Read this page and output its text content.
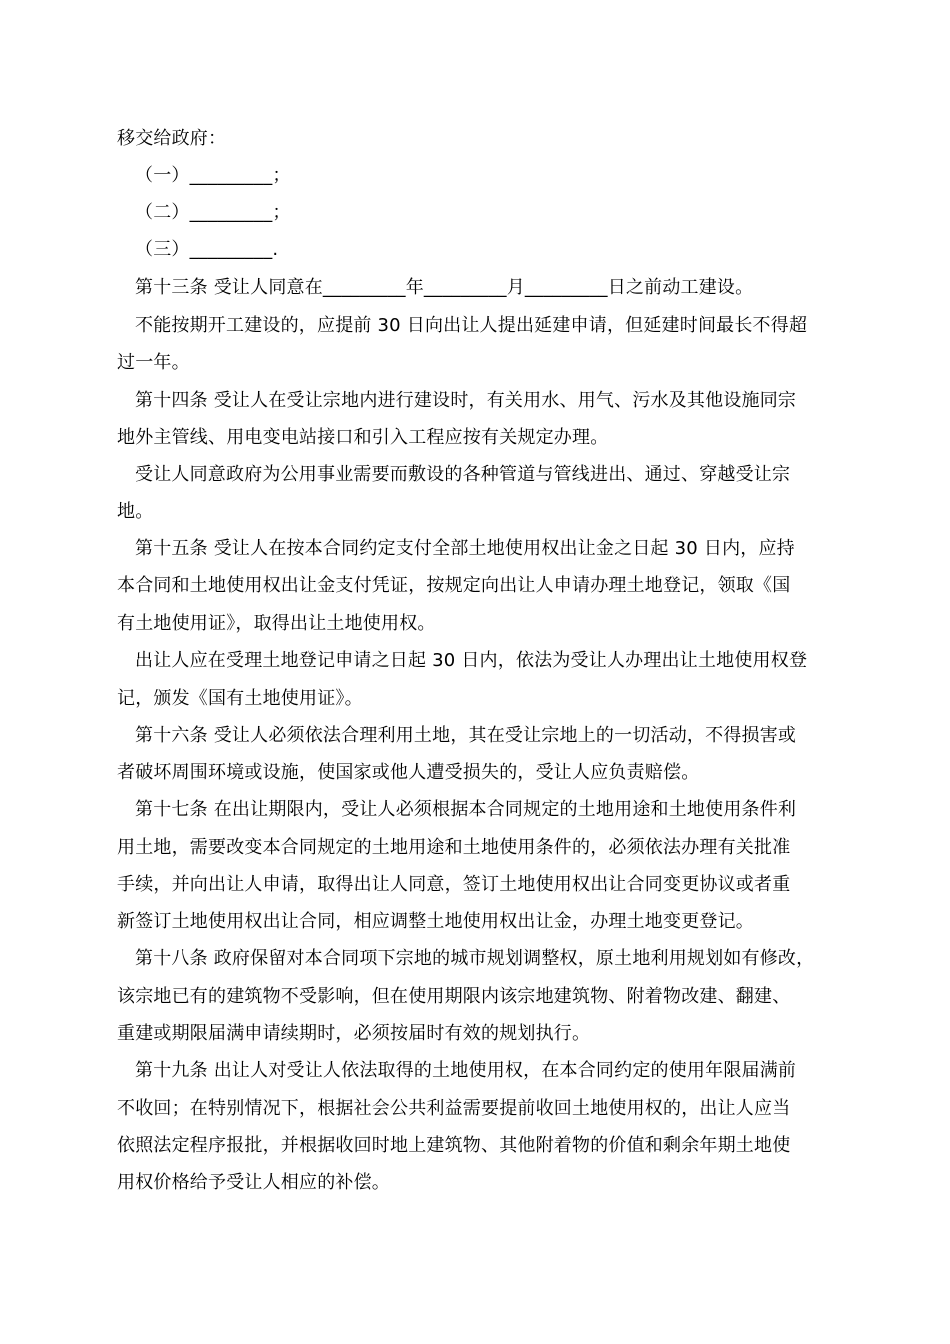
移交给政府：
（一）_________；
（二）_________；
（三）_________.
第十三条 受让人同意在_________年_________月_________日之前动工建设。
不能按期开工建设的，应提前 30 日向出让人提出延建申请，但延建时间最长不得超
过一年。
第十四条 受让人在受让宗地内进行建设时，有关用水、用气、污水及其他设施同宗
地外主管线、用电变电站接口和引入工程应按有关规定办理。
受让人同意政府为公用事业需要而敷设的各种管道与管线进出、通过、穿越受让宗
地。
第十五条 受让人在按本合同约定支付全部土地使用权出让金之日起 30 日内，应持
本合同和土地使用权出让金支付凭证，按规定向出让人申请办理土地登记，领取《国
有土地使用证》，取得出让土地使用权。
出让人应在受理土地登记申请之日起 30 日内，依法为受让人办理出让土地使用权登
记，颁发《国有土地使用证》。
第十六条 受让人必须依法合理利用土地，其在受让宗地上的一切活动，不得损害或
者破坏周围环境或设施，使国家或他人遭受损失的，受让人应负责赔偿。
第十七条 在出让期限内，受让人必须根据本合同规定的土地用途和土地使用条件利
用土地，需要改变本合同规定的土地用途和土地使用条件的，必须依法办理有关批准
手续，并向出让人申请，取得出让人同意，签订土地使用权出让合同变更协议或者重
新签订土地使用权出让合同，相应调整土地使用权出让金，办理土地变更登记。
第十八条 政府保留对本合同项下宗地的城市规划调整权，原土地利用规划如有修改，
该宗地已有的建筑物不受影响，但在使用期限内该宗地建筑物、附着物改建、翻建、
重建或期限届满申请续期时，必须按届时有效的规划执行。
第十九条 出让人对受让人依法取得的土地使用权，在本合同约定的使用年限届满前
不收回；在特别情况下，根据社会公共利益需要提前收回土地使用权的，出让人应当
依照法定程序报批，并根据收回时地上建筑物、其他附着物的价值和剩余年期土地使
用权价格给予受让人相应的补偿。
